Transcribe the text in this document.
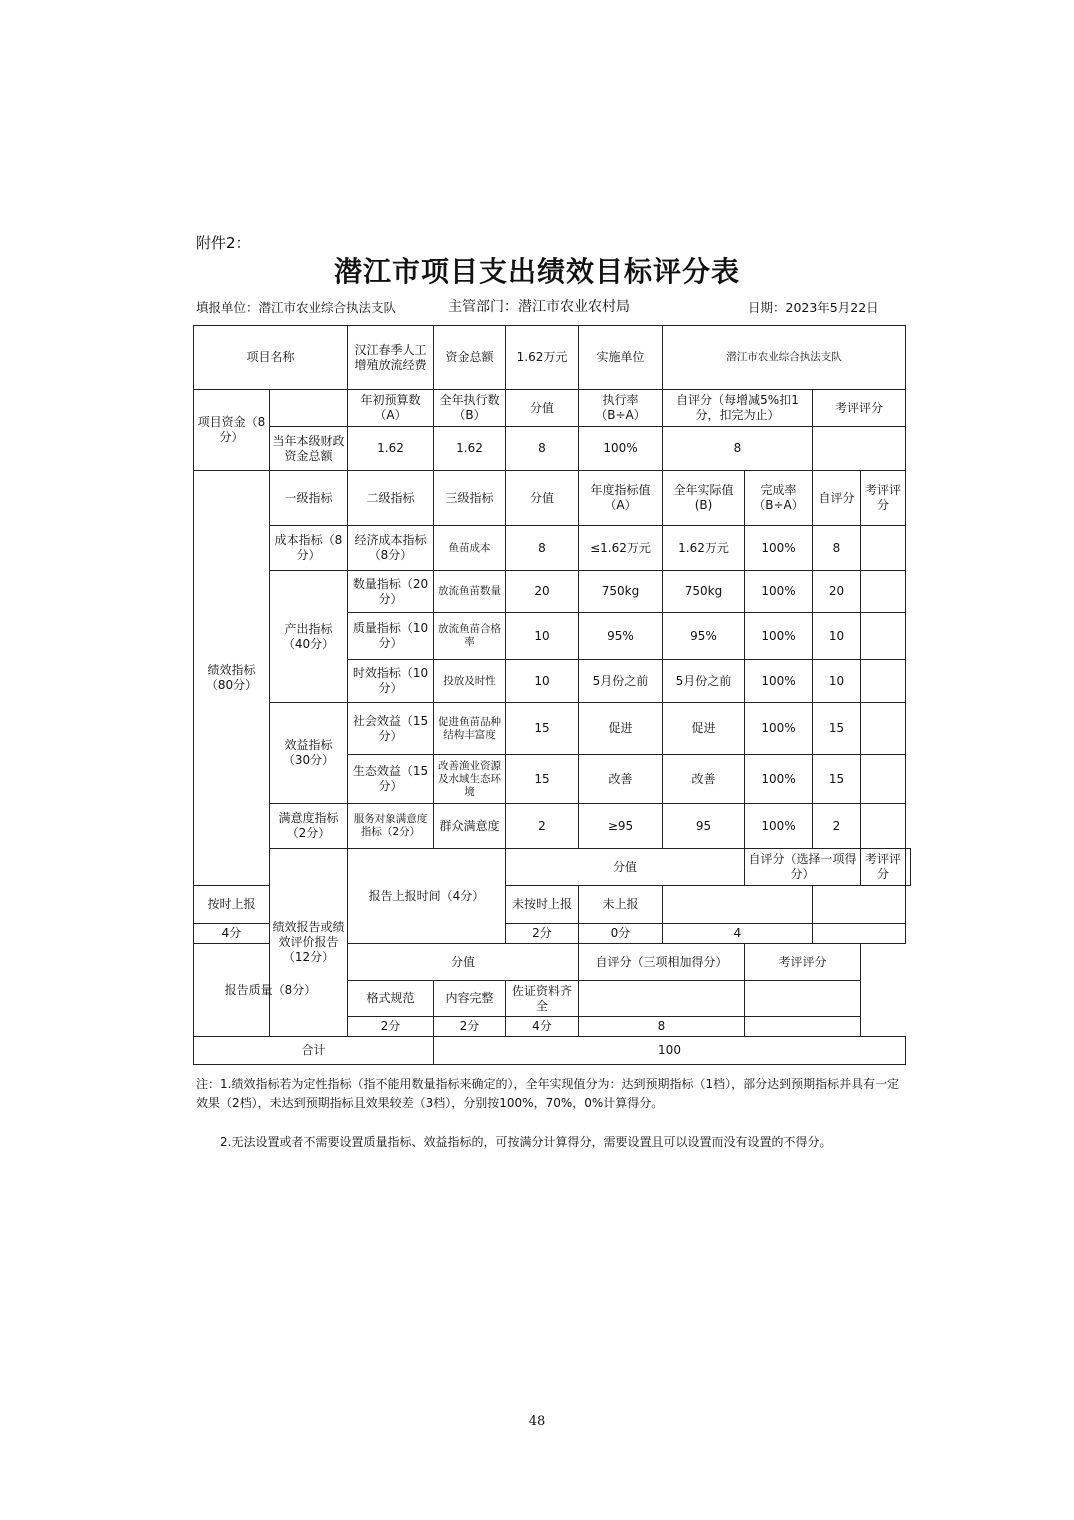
附件2：
潜江市项目支出绩效目标评分表
填报单位：潜江市农业综合执法支队	主管部门：潜江市农业农村局	日期：2023年5月22日
项目名称		汉江春季人工增殖放流经费	资金总额	1.62万元	实施单位	潜江市农业综合执法支队				
项目资金（8分）		年初预算数（A）	全年执行数（B）	分值	执行率（B÷A）	自评分（每增减5%扣1分，扣完为止）		考评评分		
	当年本级财政资金总额	1.62	1.62	8	100%	8				
绩效指标（80分）	一级指标	二级指标	三级指标	分值	年度指标值（A）	全年实际值(B)	完成率（B÷A）	自评分	考评评分	
	成本指标（8分）	经济成本指标（8分）	鱼苗成本	8	≤1.62万元	1.62万元	100%	8		
	产出指标（40分）	数量指标（20分）	放流鱼苗数量	20	750kg	750kg	100%	20		
		质量指标（10分）	放流鱼苗合格率	10	95%	95%	100%	10		
		时效指标（10分）	投放及时性	10	5月份之前	5月份之前	100%	10		
	效益指标（30分）	社会效益（15分）	促进鱼苗品种结构丰富度	15	促进	促进	100%	15		
		生态效益（15分）	改善渔业资源及水域生态环境	15	改善	改善	100%	15		
	满意度指标（2分）	服务对象满意度指标（2分）	群众满意度	2	≥95	95	100%	2		
	绩效报告或绩效评价报告（12分）	报告上报时间（4分）		分值			自评分（选择一项得分）		考评评分	
按时上报				未按时上报	未上报					
4分				2分	0分	4				
报告质量（8分）		分值			自评分（三项相加得分）		考评评分			
		格式规范	内容完整	佐证资料齐全						
		2分	2分	4分	8					
合计			100							
注：1.绩效指标若为定性指标（指不能用数量指标来确定的），全年实现值分为：达到预期指标（1档），部分达到预期指标并具有一定效果（2档），未达到预期指标且效果较差（3档），分别按100%，70%，0%计算得分。
2.无法设置或者不需要设置质量指标、效益指标的，可按满分计算得分，需要设置且可以设置而没有设置的不得分。
48
